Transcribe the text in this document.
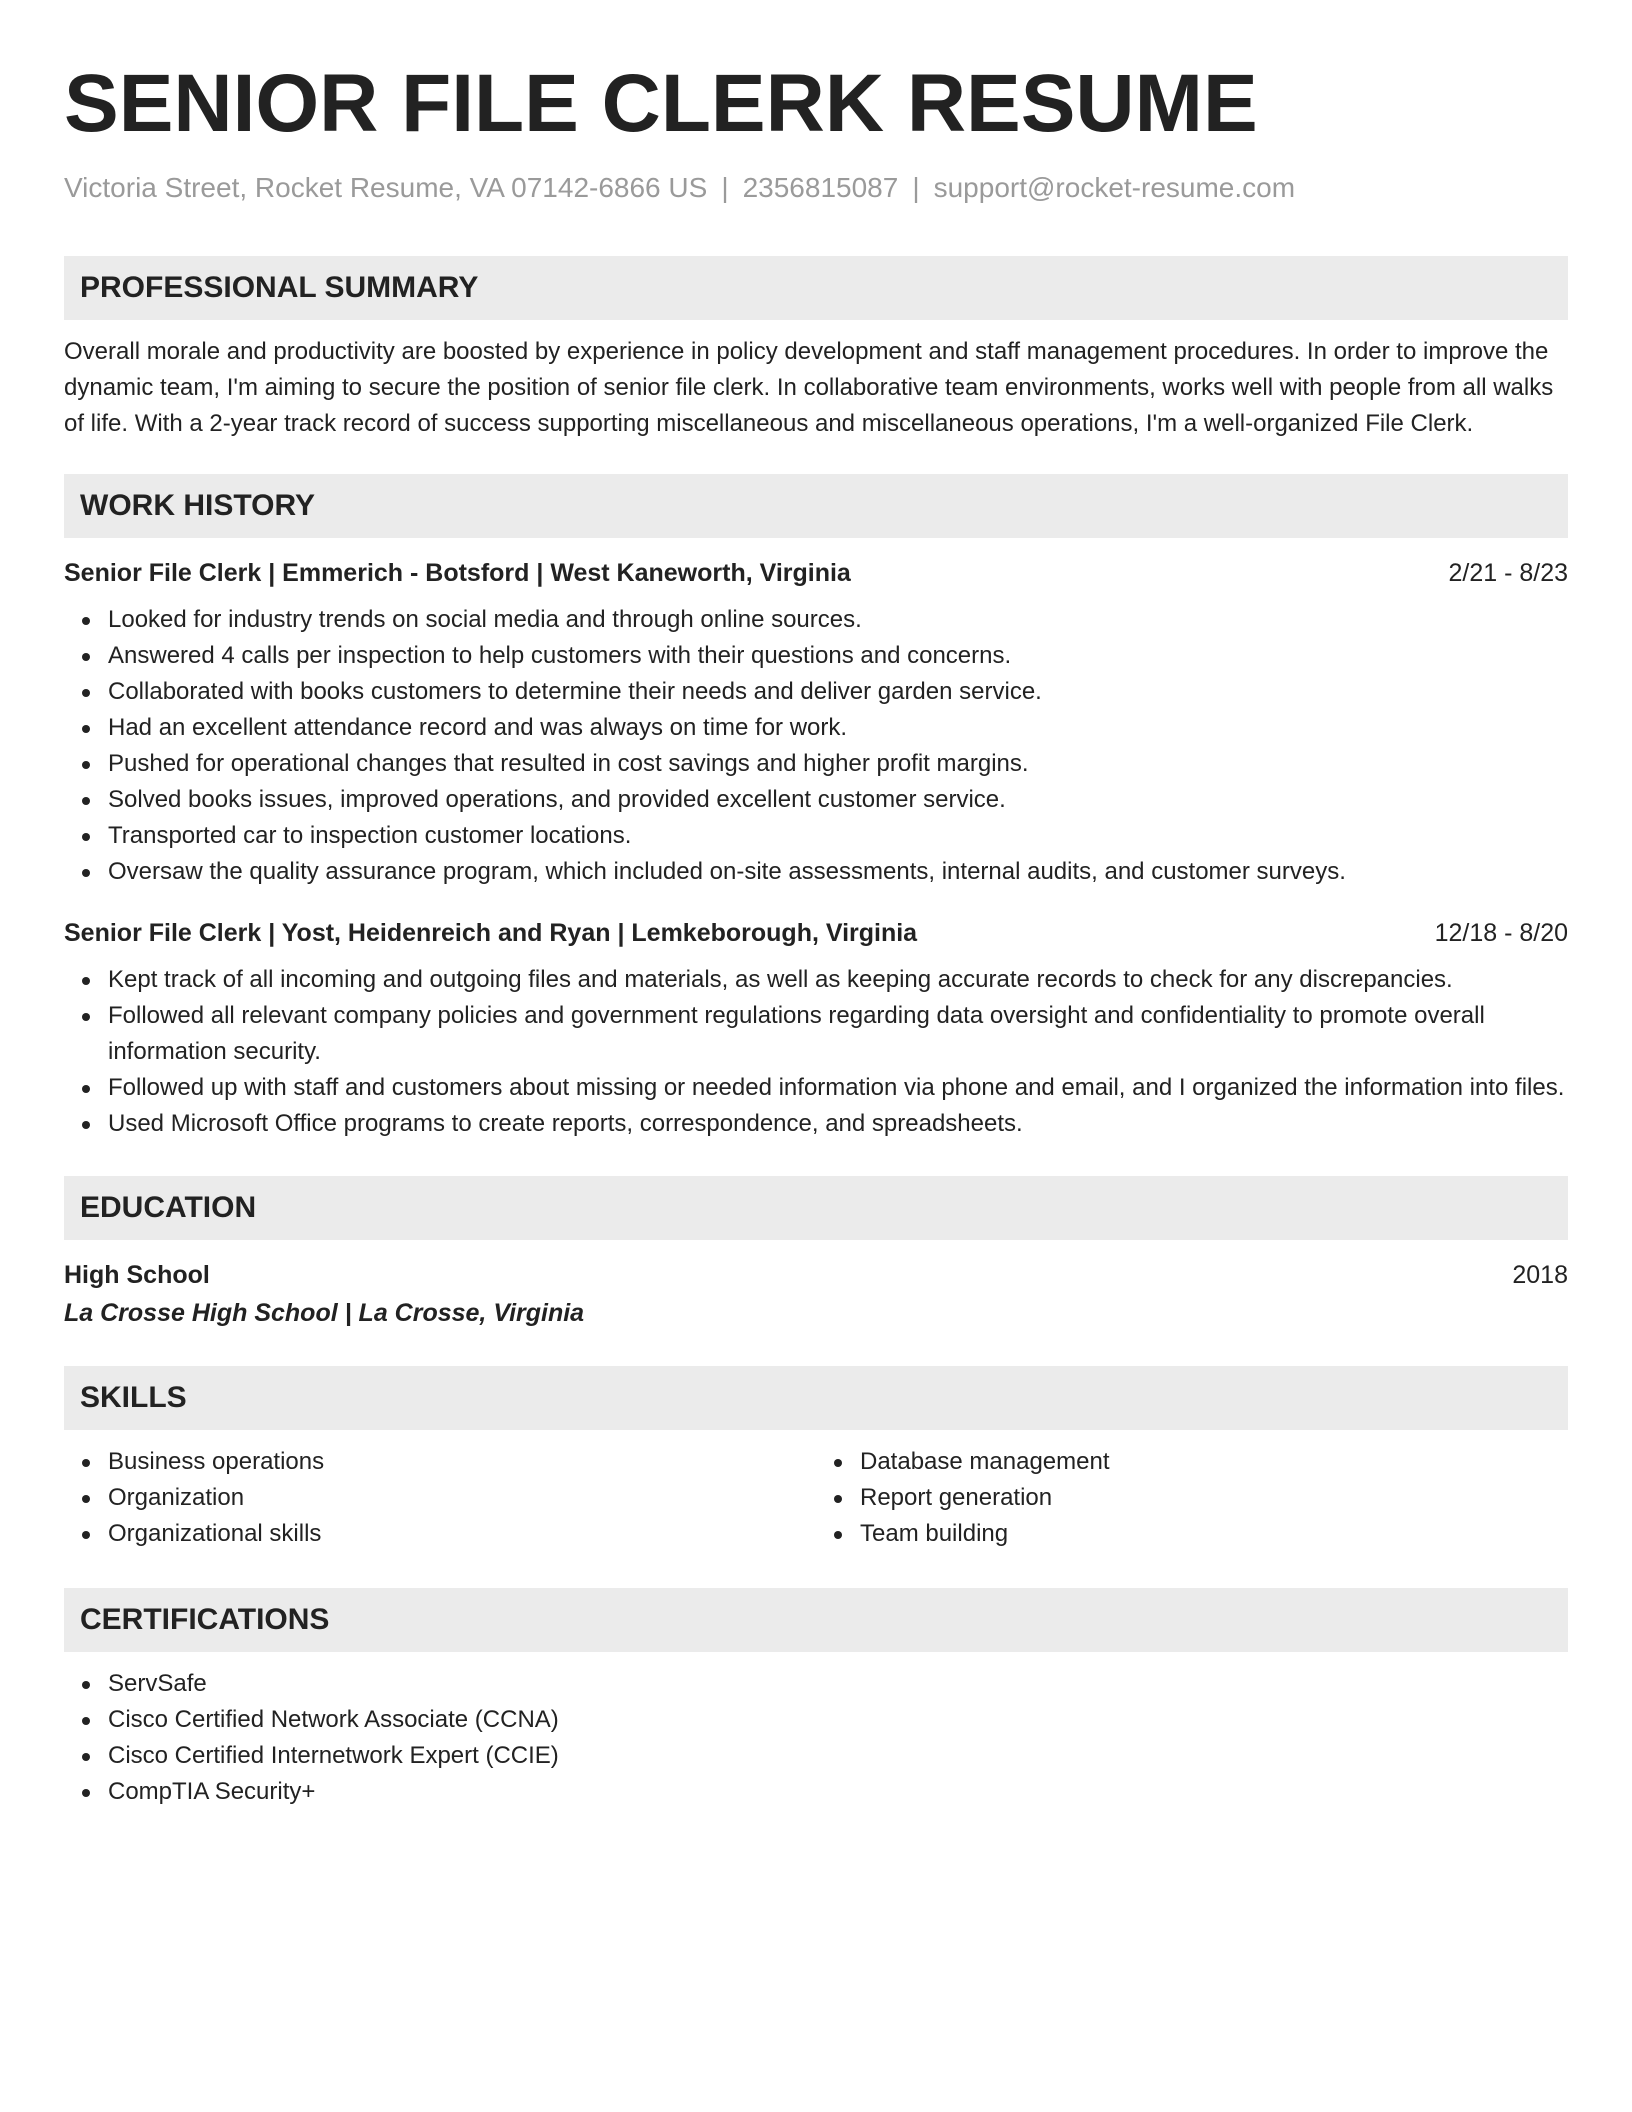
SENIOR FILE CLERK RESUME
Victoria Street, Rocket Resume, VA 07142-6866 US | 2356815087 | support@rocket-resume.com
PROFESSIONAL SUMMARY

Overall morale and productivity are boosted by experience in policy development and staff management procedures. In order to improve the dynamic team, I'm aiming to secure the position of senior file clerk. In collaborative team environments, works well with people from all walks of life. With a 2-year track record of success supporting miscellaneous and miscellaneous operations, I'm a well-organized File Clerk.

WORK HISTORY
Senior File Clerk | Emmerich - Botsford | West Kaneworth, Virginia	2/21 - 8/23
Looked for industry trends on social media and through online sources.
Answered 4 calls per inspection to help customers with their questions and concerns.
Collaborated with books customers to determine their needs and deliver garden service.
Had an excellent attendance record and was always on time for work.
Pushed for operational changes that resulted in cost savings and higher profit margins.
Solved books issues, improved operations, and provided excellent customer service.
Transported car to inspection customer locations.
Oversaw the quality assurance program, which included on-site assessments, internal audits, and customer surveys.
Senior File Clerk | Yost, Heidenreich and Ryan | Lemkeborough, Virginia	12/18 - 8/20
Kept track of all incoming and outgoing files and materials, as well as keeping accurate records to check for any discrepancies.
Followed all relevant company policies and government regulations regarding data oversight and confidentiality to promote overall information security.
Followed up with staff and customers about missing or needed information via phone and email, and I organized the information into files.
Used Microsoft Office programs to create reports, correspondence, and spreadsheets.
EDUCATION
High School	2018
La Crosse High School | La Crosse, Virginia
SKILLS
Business operations
Organization
Organizational skills
Database management
Report generation
Team building
CERTIFICATIONS
ServSafe
Cisco Certified Network Associate (CCNA)
Cisco Certified Internetwork Expert (CCIE)
CompTIA Security+
